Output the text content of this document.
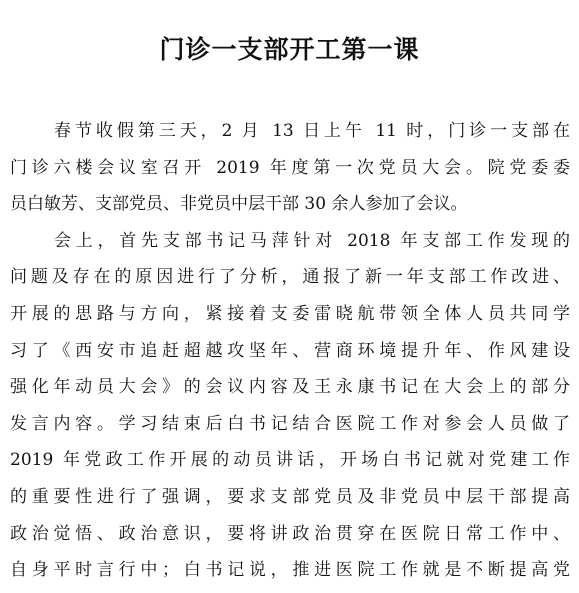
门诊一支部开工第一课
春节收假第三天，2 月 13 日上午 11 时，门诊一支部在
门诊六楼会议室召开 2019 年度第一次党员大会。院党委委
员白敏芳、支部党员、非党员中层干部 30 余人参加了会议。
会上，首先支部书记马萍针对 2018 年支部工作发现的
问题及存在的原因进行了分析，通报了新一年支部工作改进、
开展的思路与方向，紧接着支委雷晓航带领全体人员共同学
习了《西安市追赶超越攻坚年、营商环境提升年、作风建设
强化年动员大会》的会议内容及王永康书记在大会上的部分
发言内容。学习结束后白书记结合医院工作对参会人员做了
2019 年党政工作开展的动员讲话，开场白书记就对党建工作
的重要性进行了强调，要求支部党员及非党员中层干部提高
政治觉悟、政治意识，要将讲政治贯穿在医院日常工作中、
自身平时言行中；白书记说，推进医院工作就是不断提高党
